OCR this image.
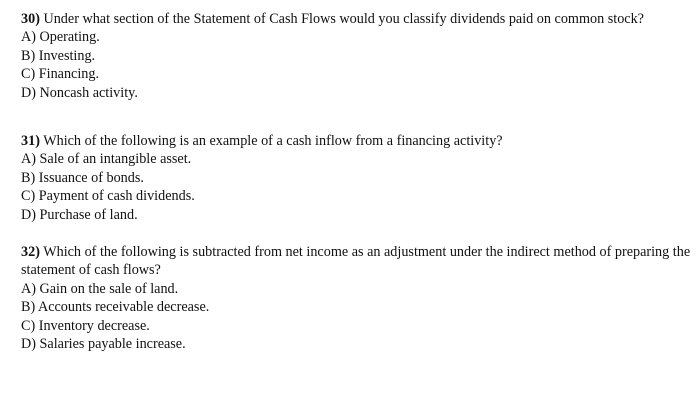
30) Under what section of the Statement of Cash Flows would you classify dividends paid on common stock?

A) Operating.
B) Investing.
C) Financing.
D) Noncash activity.

31) Which of the following is an example of a cash inflow from a financing activity?

A) Sale of an intangible asset.
B) Issuance of bonds.
C) Payment of cash dividends.
D) Purchase of land.

32) Which of the following is subtracted from net income as an adjustment under the indirect method of preparing the statement of cash flows?

A) Gain on the sale of land.
B) Accounts receivable decrease.
C) Inventory decrease.
D) Salaries payable increase.
